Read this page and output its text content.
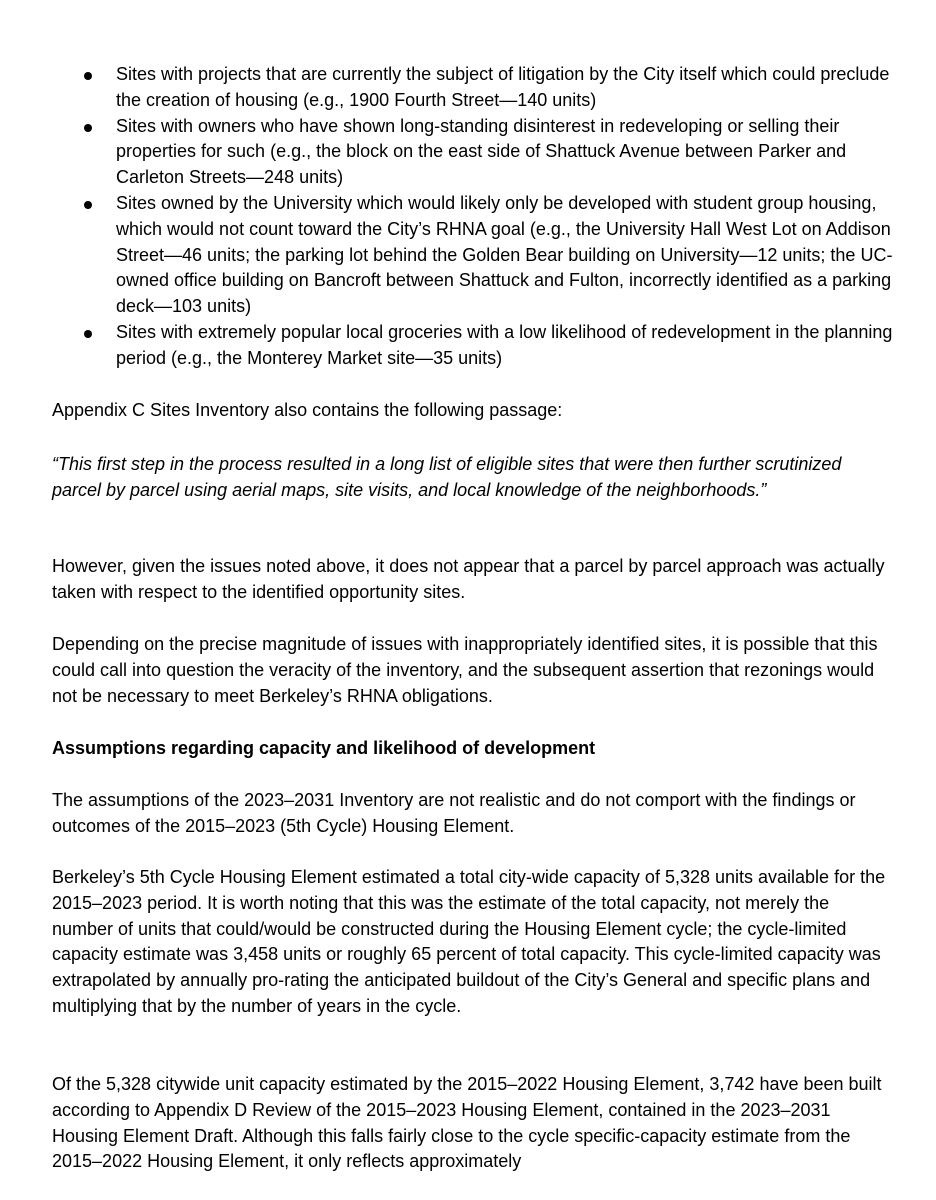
Sites with projects that are currently the subject of litigation by the City itself which could preclude the creation of housing (e.g., 1900 Fourth Street—140 units)
Sites with owners who have shown long-standing disinterest in redeveloping or selling their properties for such (e.g., the block on the east side of Shattuck Avenue between Parker and Carleton Streets—248 units)
Sites owned by the University which would likely only be developed with student group housing, which would not count toward the City’s RHNA goal (e.g., the University Hall West Lot on Addison Street—46 units; the parking lot behind the Golden Bear building on University—12 units; the UC-owned office building on Bancroft between Shattuck and Fulton, incorrectly identified as a parking deck—103 units)
Sites with extremely popular local groceries with a low likelihood of redevelopment in the planning period (e.g., the Monterey Market site—35 units)

Appendix C Sites Inventory also contains the following passage:

“This first step in the process resulted in a long list of eligible sites that were then further scrutinized parcel by parcel using aerial maps, site visits, and local knowledge of the neighborhoods.”

However, given the issues noted above, it does not appear that a parcel by parcel approach was actually taken with respect to the identified opportunity sites.

Depending on the precise magnitude of issues with inappropriately identified sites, it is possible that this could call into question the veracity of the inventory, and the subsequent assertion that rezonings would not be necessary to meet Berkeley’s RHNA obligations.

Assumptions regarding capacity and likelihood of development

The assumptions of the 2023–2031 Inventory are not realistic and do not comport with the findings or outcomes of the 2015–2023 (5th Cycle) Housing Element.

Berkeley’s 5th Cycle Housing Element estimated a total city-wide capacity of 5,328 units available for the 2015–2023 period. It is worth noting that this was the estimate of the total capacity, not merely the number of units that could/would be constructed during the Housing Element cycle; the cycle-limited capacity estimate was 3,458 units or roughly 65 percent of total capacity. This cycle-limited capacity was extrapolated by annually pro-rating the anticipated buildout of the City’s General and specific plans and multiplying that by the number of years in the cycle.

Of the 5,328 citywide unit capacity estimated by the 2015–2022 Housing Element, 3,742 have been built according to Appendix D Review of the 2015–2023 Housing Element, contained in the 2023–2031 Housing Element Draft. Although this falls fairly close to the cycle specific-capacity estimate from the 2015–2022 Housing Element, it only reflects approximately
